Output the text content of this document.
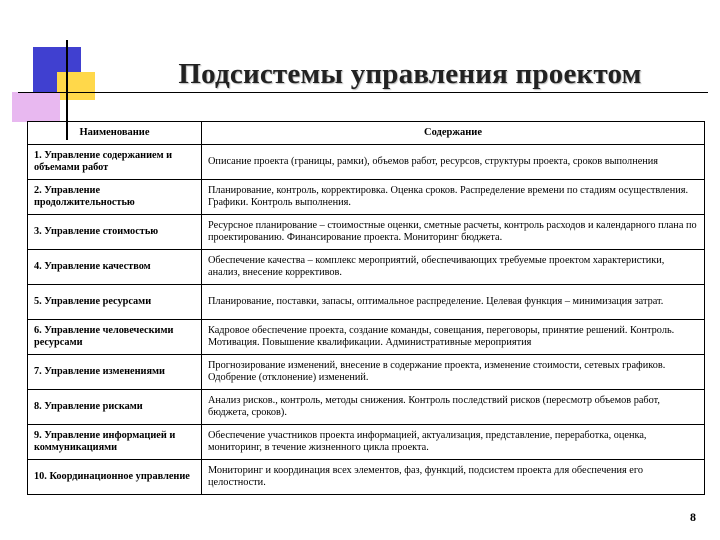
Подсистемы управления проектом
Наименование	Содержание
1. Управление содержанием и объемами работ	Описание проекта (границы, рамки), объемов работ, ресурсов, структуры проекта, сроков выполнения
2. Управление продолжительностью	Планирование, контроль, корректировка. Оценка сроков. Распределение времени по стадиям осуществления. Графики. Контроль выполнения.
3. Управление стоимостью	Ресурсное планирование – стоимостные оценки, сметные расчеты, контроль расходов и календарного плана по проектированию. Финансирование проекта. Мониторинг бюджета.
4. Управление качеством	Обеспечение качества – комплекс мероприятий, обеспечивающих требуемые проектом характеристики, анализ, внесение коррективов.
5. Управление ресурсами	Планирование, поставки, запасы, оптимальное распределение. Целевая функция – минимизация затрат.
6. Управление человеческими ресурсами	Кадровое обеспечение проекта, создание команды, совещания, переговоры, принятие решений. Контроль. Мотивация. Повышение квалификации. Административные мероприятия
7. Управление изменениями	Прогнозирование изменений, внесение в содержание проекта, изменение стоимости, сетевых графиков. Одобрение (отклонение) изменений.
8. Управление рисками	Анализ рисков., контроль, методы снижения. Контроль последствий рисков (пересмотр объемов работ, бюджета, сроков).
9. Управление информацией и коммуникациями	Обеспечение участников проекта информацией, актуализация, представление, переработка, оценка, мониторинг, в течение жизненного цикла проекта.
10. Координационное управление	Мониторинг и координация всех элементов, фаз, функций, подсистем проекта для обеспечения его целостности.
8
